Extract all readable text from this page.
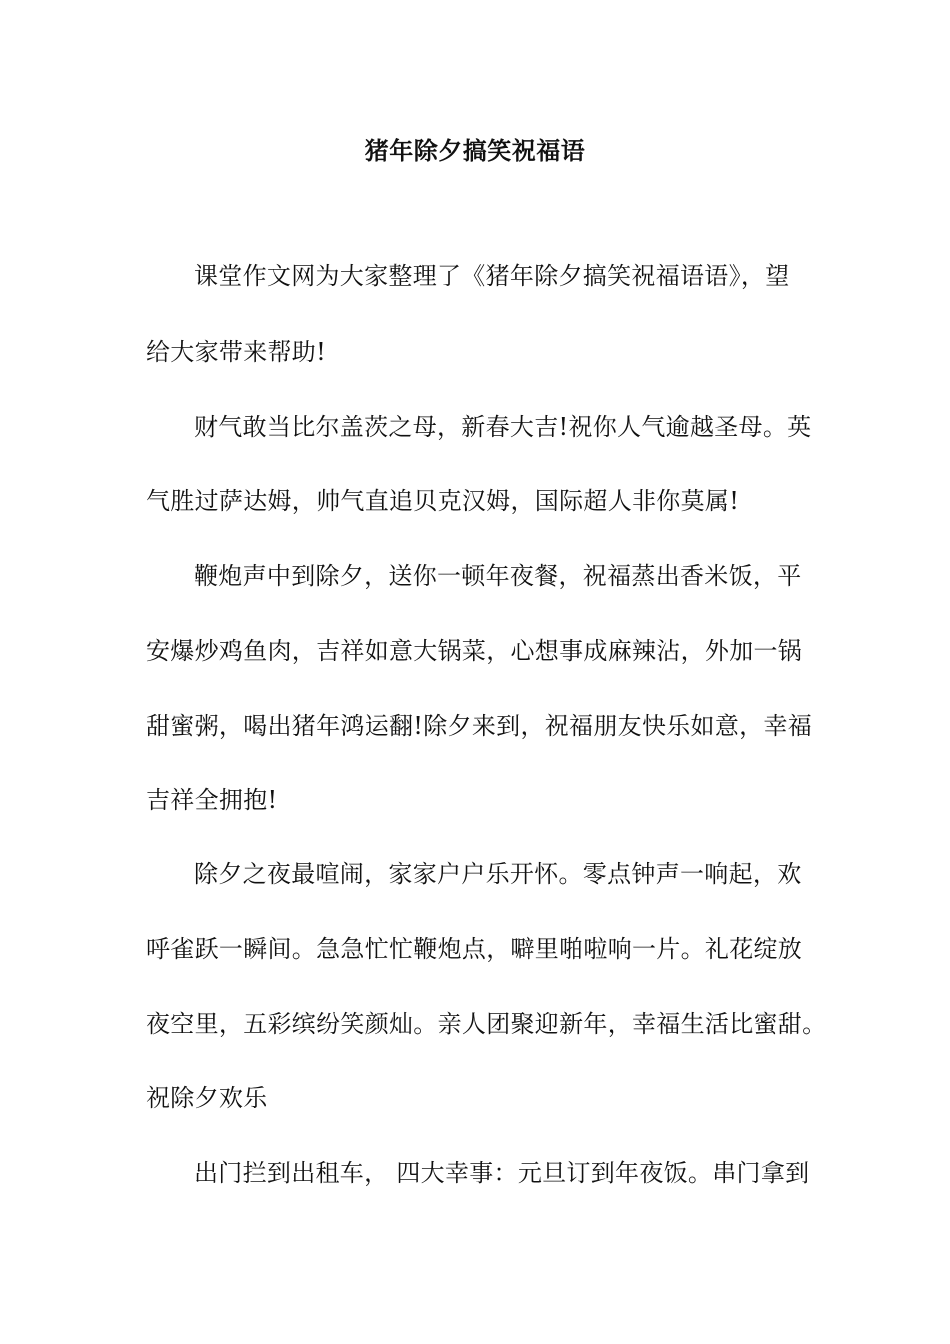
猪年除夕搞笑祝福语
课堂作文网为大家整理了《猪年除夕搞笑祝福语语》，望
给大家带来帮助!
财气敢当比尔盖茨之母，新春大吉!祝你人气逾越圣母。英
气胜过萨达姆，帅气直追贝克汉姆，国际超人非你莫属!
鞭炮声中到除夕，送你一顿年夜餐，祝福蒸出香米饭，平
安爆炒鸡鱼肉，吉祥如意大锅菜，心想事成麻辣沾，外加一锅
甜蜜粥，喝出猪年鸿运翻!除夕来到，祝福朋友快乐如意，幸福
吉祥全拥抱!
除夕之夜最喧闹，家家户户乐开怀。零点钟声一响起，欢
呼雀跃一瞬间。急急忙忙鞭炮点，噼里啪啦响一片。礼花绽放
夜空里，五彩缤纷笑颜灿。亲人团聚迎新年，幸福生活比蜜甜。
祝除夕欢乐
出门拦到出租车， 四大幸事：元旦订到年夜饭。串门拿到
